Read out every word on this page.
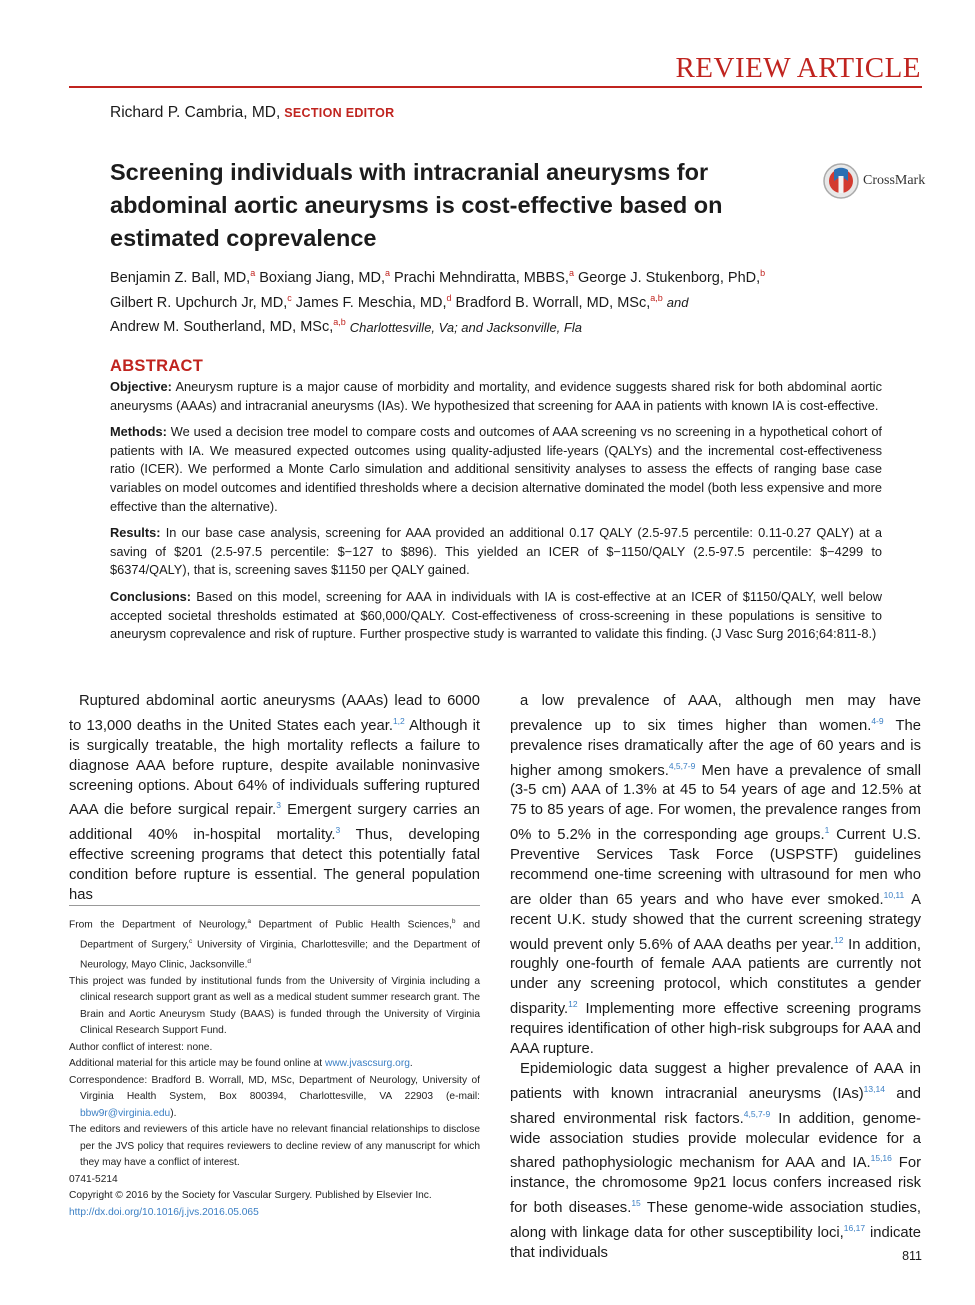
REVIEW ARTICLE
Richard P. Cambria, MD, SECTION EDITOR
Screening individuals with intracranial aneurysms for abdominal aortic aneurysms is cost-effective based on estimated coprevalence
CrossMark
Benjamin Z. Ball, MD,$^a$ Boxiang Jiang, MD,$^a$ Prachi Mehndiratta, MBBS,$^a$ George J. Stukenborg, PhD,$^b$
Gilbert R. Upchurch Jr, MD,$^c$ James F. Meschia, MD,$^d$ Bradford B. Worrall, MD, MSc,$^{a,b}$ and
Andrew M. Southerland, MD, MSc,$^{a,b}$ Charlottesville, Va; and Jacksonville, Fla
ABSTRACT

Objective: Aneurysm rupture is a major cause of morbidity and mortality, and evidence suggests shared risk for both abdominal aortic aneurysms (AAAs) and intracranial aneurysms (IAs). We hypothesized that screening for AAA in patients with known IA is cost-effective.

Methods: We used a decision tree model to compare costs and outcomes of AAA screening vs no screening in a hypothetical cohort of patients with IA. We measured expected outcomes using quality-adjusted life-years (QALYs) and the incremental cost-effectiveness ratio (ICER). We performed a Monte Carlo simulation and additional sensitivity analyses to assess the effects of ranging base case variables on model outcomes and identified thresholds where a decision alternative dominated the model (both less expensive and more effective than the alternative).

Results: In our base case analysis, screening for AAA provided an additional 0.17 QALY (2.5-97.5 percentile: 0.11-0.27 QALY) at a saving of $201 (2.5-97.5 percentile: $−127 to $896). This yielded an ICER of $−1150/QALY (2.5-97.5 percentile: $−4299 to $6374/QALY), that is, screening saves $1150 per QALY gained.

Conclusions: Based on this model, screening for AAA in individuals with IA is cost-effective at an ICER of $1150/QALY, well below accepted societal thresholds estimated at $60,000/QALY. Cost-effectiveness of cross-screening in these populations is sensitive to aneurysm coprevalence and risk of rupture. Further prospective study is warranted to validate this finding. (J Vasc Surg 2016;64:811-8.)

Ruptured abdominal aortic aneurysms (AAAs) lead to 6000 to 13,000 deaths in the United States each year.$^{1,2}$ Although it is surgically treatable, the high mortality reflects a failure to diagnose AAA before rupture, despite available noninvasive screening options. About 64% of individuals suffering ruptured AAA die before surgical repair.$^3$ Emergent surgery carries an additional 40% in-hospital mortality.$^3$ Thus, developing effective screening programs that detect this potentially fatal condition before rupture is essential. The general population has

a low prevalence of AAA, although men may have prevalence up to six times higher than women.$^{4-9}$ The prevalence rises dramatically after the age of 60 years and is higher among smokers.$^{4,5,7-9}$ Men have a prevalence of small (3-5 cm) AAA of 1.3% at 45 to 54 years of age and 12.5% at 75 to 85 years of age. For women, the prevalence ranges from 0% to 5.2% in the corresponding age groups.$^1$ Current U.S. Preventive Services Task Force (USPSTF) guidelines recommend one-time screening with ultrasound for men who are older than 65 years and who have ever smoked.$^{10,11}$ A recent U.K. study showed that the current screening strategy would prevent only 5.6% of AAA deaths per year.$^{12}$ In addition, roughly one-fourth of female AAA patients are currently not under any screening protocol, which constitutes a gender disparity.$^{12}$ Implementing more effective screening programs requires identification of other high-risk subgroups for AAA and AAA rupture.

Epidemiologic data suggest a higher prevalence of AAA in patients with known intracranial aneurysms (IAs)$^{13,14}$ and shared environmental risk factors.$^{4,5,7-9}$ In addition, genome-wide association studies provide molecular evidence for a shared pathophysiologic mechanism for AAA and IA.$^{15,16}$ For instance, the chromosome 9p21 locus confers increased risk for both diseases.$^{15}$ These genome-wide association studies, along with linkage data for other susceptibility loci,$^{16,17}$ indicate that individuals

From the Department of Neurology,$^a$ Department of Public Health Sciences,$^b$ and Department of Surgery,$^c$ University of Virginia, Charlottesville; and the Department of Neurology, Mayo Clinic, Jacksonville.$^d$

This project was funded by institutional funds from the University of Virginia including a clinical research support grant as well as a medical student summer research grant. The Brain and Aortic Aneurysm Study (BAAS) is funded through the University of Virginia Clinical Research Support Fund.

Author conflict of interest: none.

Additional material for this article may be found online at www.jvascsurg.org.

Correspondence: Bradford B. Worrall, MD, MSc, Department of Neurology, University of Virginia Health System, Box 800394, Charlottesville, VA 22903 (e-mail: bbw9r@virginia.edu).

The editors and reviewers of this article have no relevant financial relationships to disclose per the JVS policy that requires reviewers to decline review of any manuscript for which they may have a conflict of interest.

0741-5214

Copyright © 2016 by the Society for Vascular Surgery. Published by Elsevier Inc.

http://dx.doi.org/10.1016/j.jvs.2016.05.065

811
